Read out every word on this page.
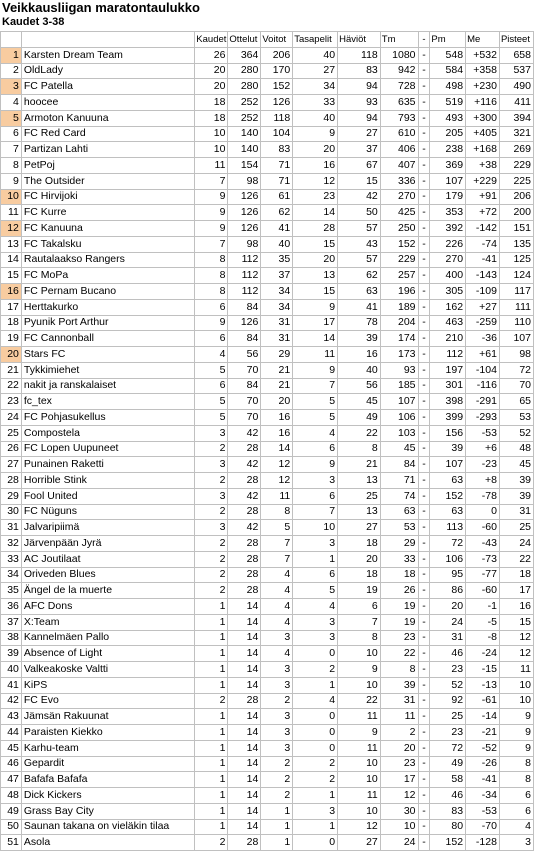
Veikkausliigan maratontaulukko
Kaudet 3-38
		Kaudet	Ottelut	Voitot	Tasapelit	Häviöt	Tm	-	Pm	Me	Pisteet
1	Karsten Dream Team	26	364	206	40	118	1080	-	548	+532	658
2	OldLady	20	280	170	27	83	942	-	584	+358	537
3	FC Patella	20	280	152	34	94	728	-	498	+230	490
4	hoocee	18	252	126	33	93	635	-	519	+116	411
5	Armoton Kanuuna	18	252	118	40	94	793	-	493	+300	394
6	FC Red Card	10	140	104	9	27	610	-	205	+405	321
7	Partizan Lahti	10	140	83	20	37	406	-	238	+168	269
8	PetPoj	11	154	71	16	67	407	-	369	+38	229
9	The Outsider	7	98	71	12	15	336	-	107	+229	225
10	FC Hirvijoki	9	126	61	23	42	270	-	179	+91	206
11	FC Kurre	9	126	62	14	50	425	-	353	+72	200
12	FC Kanuuna	9	126	41	28	57	250	-	392	-142	151
13	FC Takalsku	7	98	40	15	43	152	-	226	-74	135
14	Rautalaakso Rangers	8	112	35	20	57	229	-	270	-41	125
15	FC MoPa	8	112	37	13	62	257	-	400	-143	124
16	FC Pernam Bucano	8	112	34	15	63	196	-	305	-109	117
17	Herttakurko	6	84	34	9	41	189	-	162	+27	111
18	Pyunik Port Arthur	9	126	31	17	78	204	-	463	-259	110
19	FC Cannonball	6	84	31	14	39	174	-	210	-36	107
20	Stars FC	4	56	29	11	16	173	-	112	+61	98
21	Tykkimiehet	5	70	21	9	40	93	-	197	-104	72
22	nakit ja ranskalaiset	6	84	21	7	56	185	-	301	-116	70
23	fc_tex	5	70	20	5	45	107	-	398	-291	65
24	FC Pohjasukellus	5	70	16	5	49	106	-	399	-293	53
25	Compostela	3	42	16	4	22	103	-	156	-53	52
26	FC Lopen Uupuneet	2	28	14	6	8	45	-	39	+6	48
27	Punainen Raketti	3	42	12	9	21	84	-	107	-23	45
28	Horrible Stink	2	28	12	3	13	71	-	63	+8	39
29	Fool United	3	42	11	6	25	74	-	152	-78	39
30	FC Nüguns	2	28	8	7	13	63	-	63	0	31
31	Jalvaripiimä	3	42	5	10	27	53	-	113	-60	25
32	Järvenpään Jyrä	2	28	7	3	18	29	-	72	-43	24
33	AC Joutilaat	2	28	7	1	20	33	-	106	-73	22
34	Oriveden Blues	2	28	4	6	18	18	-	95	-77	18
35	Ängel de la muerte	2	28	4	5	19	26	-	86	-60	17
36	AFC Dons	1	14	4	4	6	19	-	20	-1	16
37	X:Team	1	14	4	3	7	19	-	24	-5	15
38	Kannelmäen Pallo	1	14	3	3	8	23	-	31	-8	12
39	Absence of Light	1	14	4	0	10	22	-	46	-24	12
40	Valkeakoske Valtti	1	14	3	2	9	8	-	23	-15	11
41	KiPS	1	14	3	1	10	39	-	52	-13	10
42	FC Evo	2	28	2	4	22	31	-	92	-61	10
43	Jämsän Rakuunat	1	14	3	0	11	11	-	25	-14	9
44	Paraisten Kiekko	1	14	3	0	9	2	-	23	-21	9
45	Karhu-team	1	14	3	0	11	20	-	72	-52	9
46	Gepardit	1	14	2	2	10	23	-	49	-26	8
47	Bafafa Bafafa	1	14	2	2	10	17	-	58	-41	8
48	Dick Kickers	1	14	2	1	11	12	-	46	-34	6
49	Grass Bay City	1	14	1	3	10	30	-	83	-53	6
50	Saunan takana on vieläkin tilaa	1	14	1	1	12	10	-	80	-70	4
51	Asola	2	28	1	0	27	24	-	152	-128	3
